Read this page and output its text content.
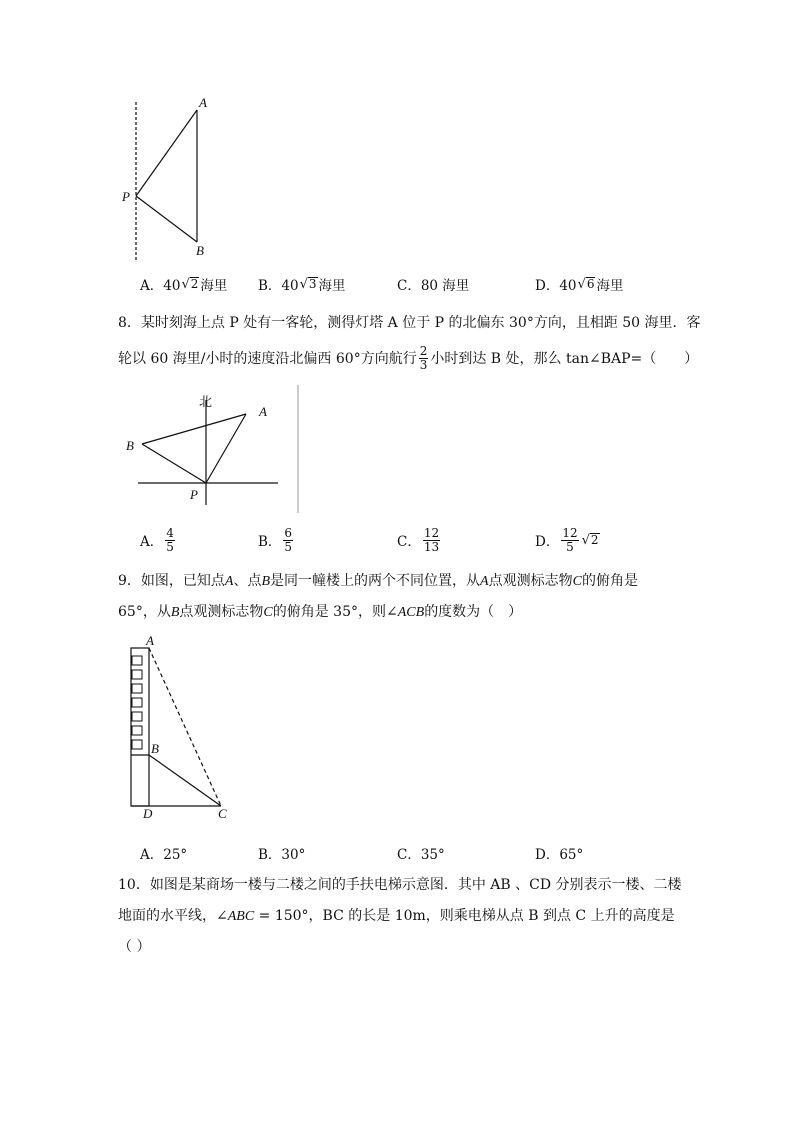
A
P
B
A．40 √ 2 海里 B．40 √ 3 海里	C．80 海里	D．40 √ 6 海里
8．某时刻海上点 P 处有一客轮，测得灯塔 A 位于 P 的北偏东 30°方向，且相距 50 海里．客
轮以 60 海里/小时的速度沿北偏西 60°方向航行 $\frac{2}{3}$ 小时到达 B 处，那么 tan∠BAP=（　　）
北
A
B
P
A． $\frac{4}{5}$	B． $\frac{6}{5}$	C． $\frac{12}{13}$	D． $\frac{12}{5}$ √ 2
9．如图，已知点A、点B是同一幢楼上的两个不同位置，从A点观测标志物C的俯角是
65°，从B点观测标志物C的俯角是 35°，则∠ACB的度数为（　）
A
B
D	C
A．25°	B．30°	C．35°	D．65°
10．如图是某商场一楼与二楼之间的手扶电梯示意图．其中 AB 、CD 分别表示一楼、二楼
地面的水平线，∠ABC = 150°，BC 的长是 10m，则乘电梯从点 B 到点 C 上升的高度是
（ ）
